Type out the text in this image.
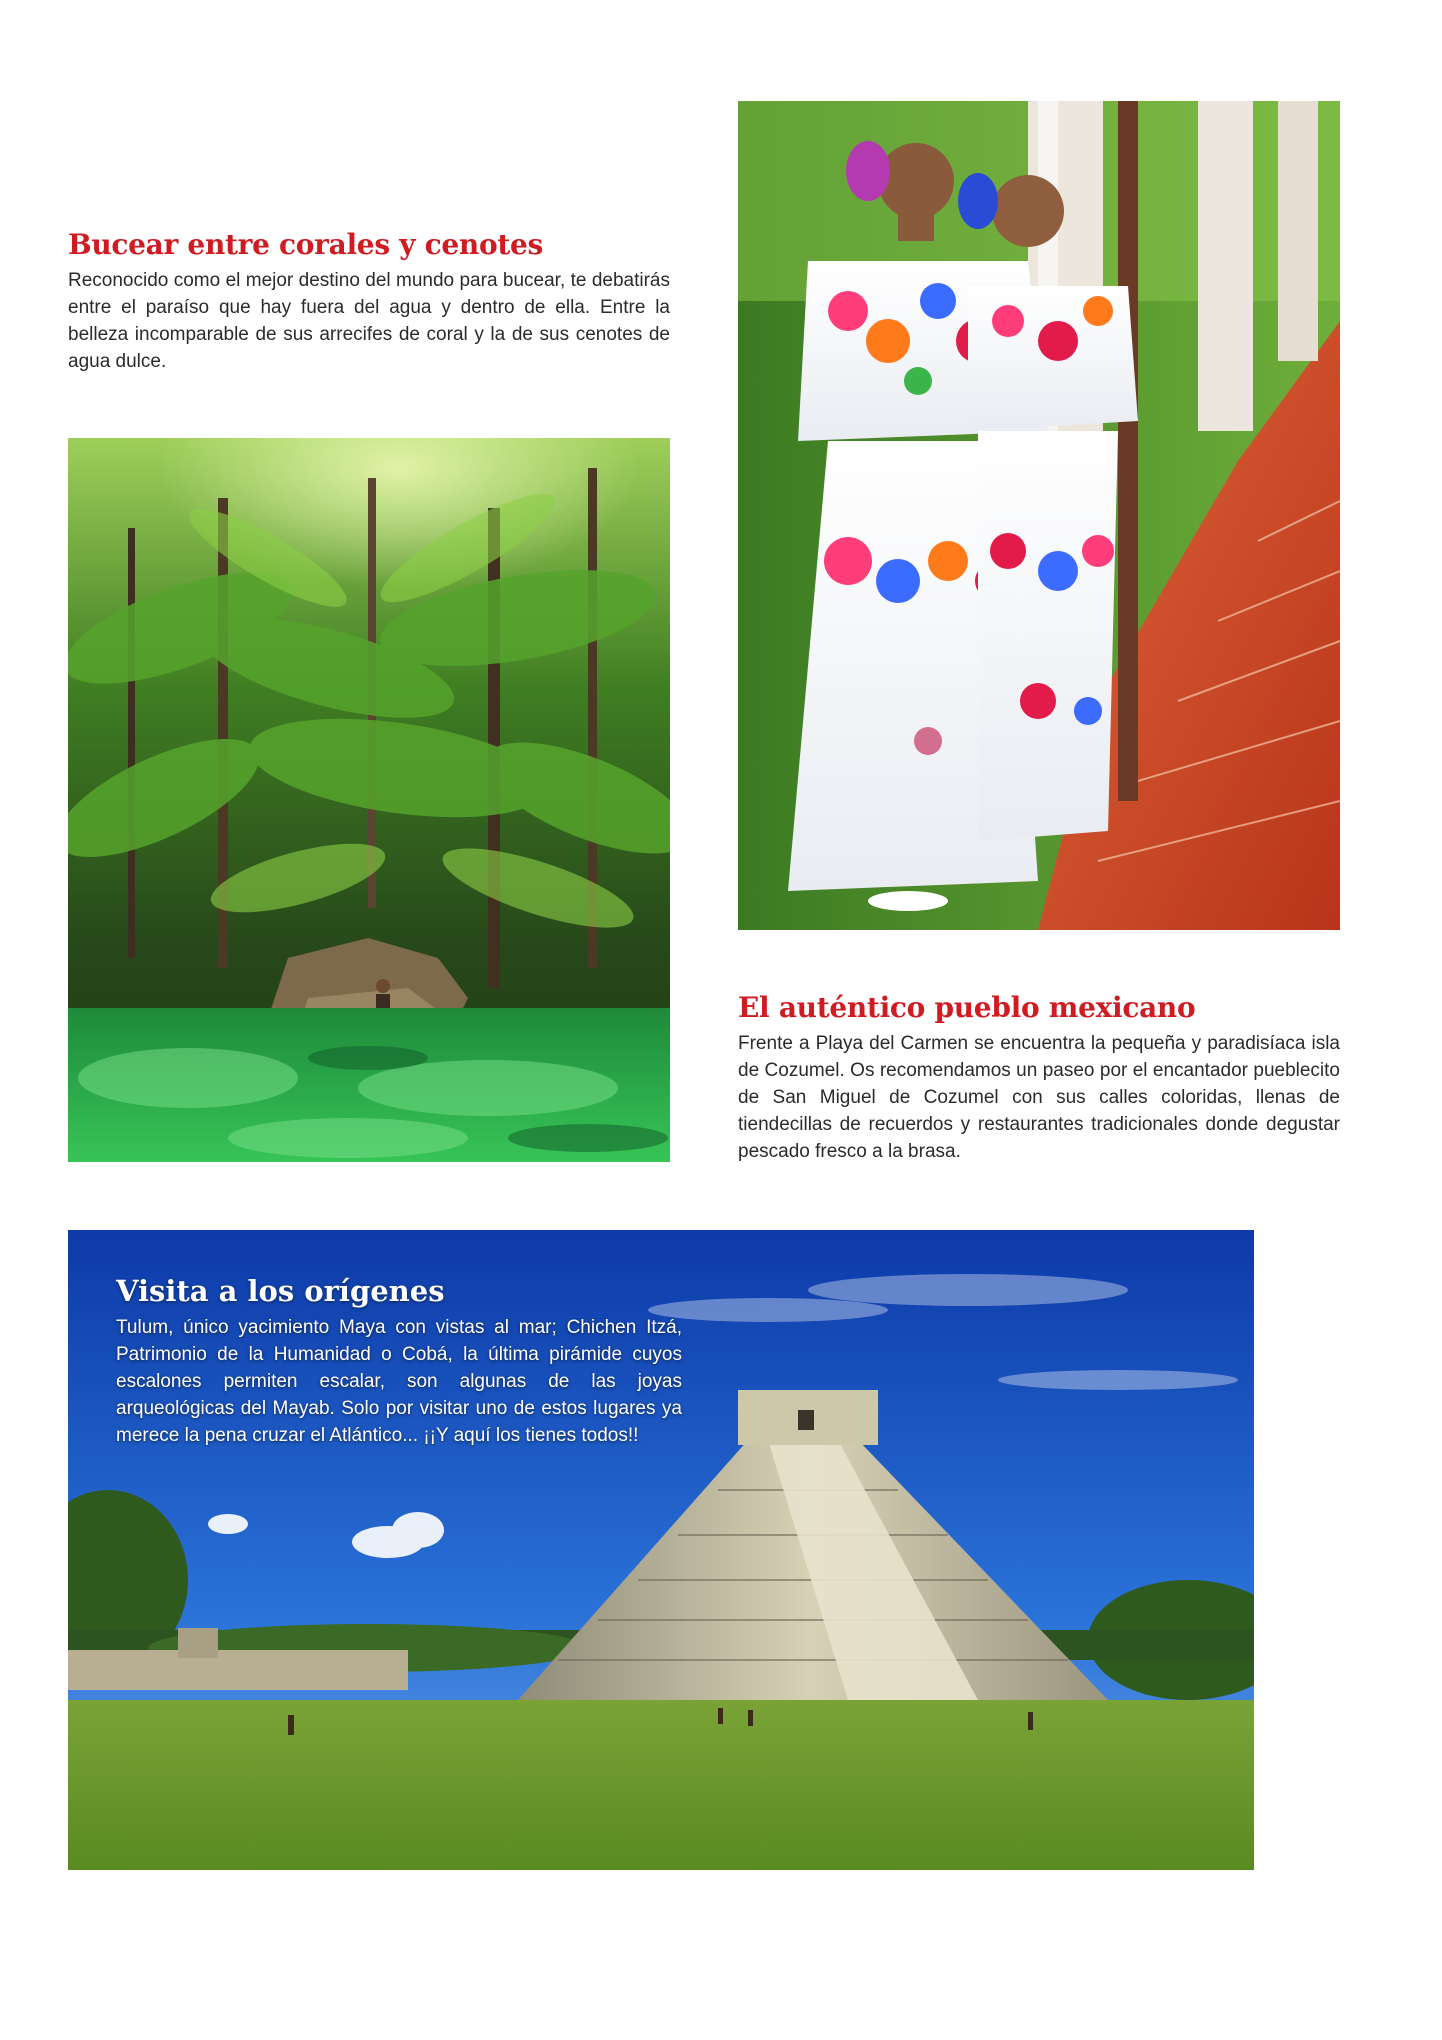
Bucear entre corales y cenotes

Reconocido como el mejor destino del mundo para bucear, te debatirás entre el paraíso que hay fuera del agua y dentro de ella. Entre la belleza incomparable de sus arrecifes de coral y la de sus cenotes de agua dulce.

El auténtico pueblo mexicano

Frente a Playa del Carmen se encuentra la pequeña y paradisíaca isla de Cozumel. Os recomendamos un paseo por el encantador pueblecito de San Miguel de Cozumel con sus calles coloridas, llenas de tiendecillas de recuerdos y restaurantes tradicionales donde degustar pescado fresco a la brasa.

Visita a los orígenes

Tulum, único yacimiento Maya con vistas al mar; Chichen Itzá, Patrimonio de la Humanidad o Cobá, la última pirámide cuyos escalones permiten escalar, son algunas de las joyas arqueológicas del Mayab. Solo por visitar uno de estos lugares ya merece la pena cruzar el Atlántico... ¡¡Y aquí los tienes todos!!
